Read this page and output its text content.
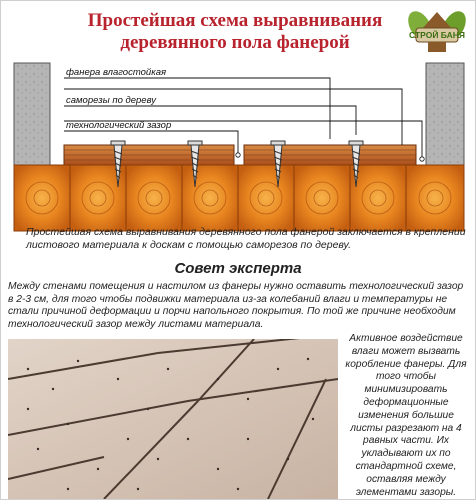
Простейшая схема выравнивания деревянного пола фанерой	СТРОЙ БАНЯ
фанера влагостойкая
саморезы по дереву
технологический зазор
Простейшая схема выравнивания деревянного пола фанерой заключается в креплении листового материала к доскам с помощью саморезов по дереву.
Совет эксперта
Между стенами помещения и настилом из фанеры нужно оставить технологический зазор в 2-3 см, для того чтобы подвижки материала из-за колебаний влаги и температуры не стали причиной деформации и порчи напольного покрытия. По той же причине необходим технологический зазор между листами материала.
Активное воздействие влаги может вызвать коробление фанеры. Для того чтобы минимизировать деформационные изменения большие листы разрезают на 4 равных части. Их укладывают их по стандартной схеме, оставляя между элементами зазоры.
